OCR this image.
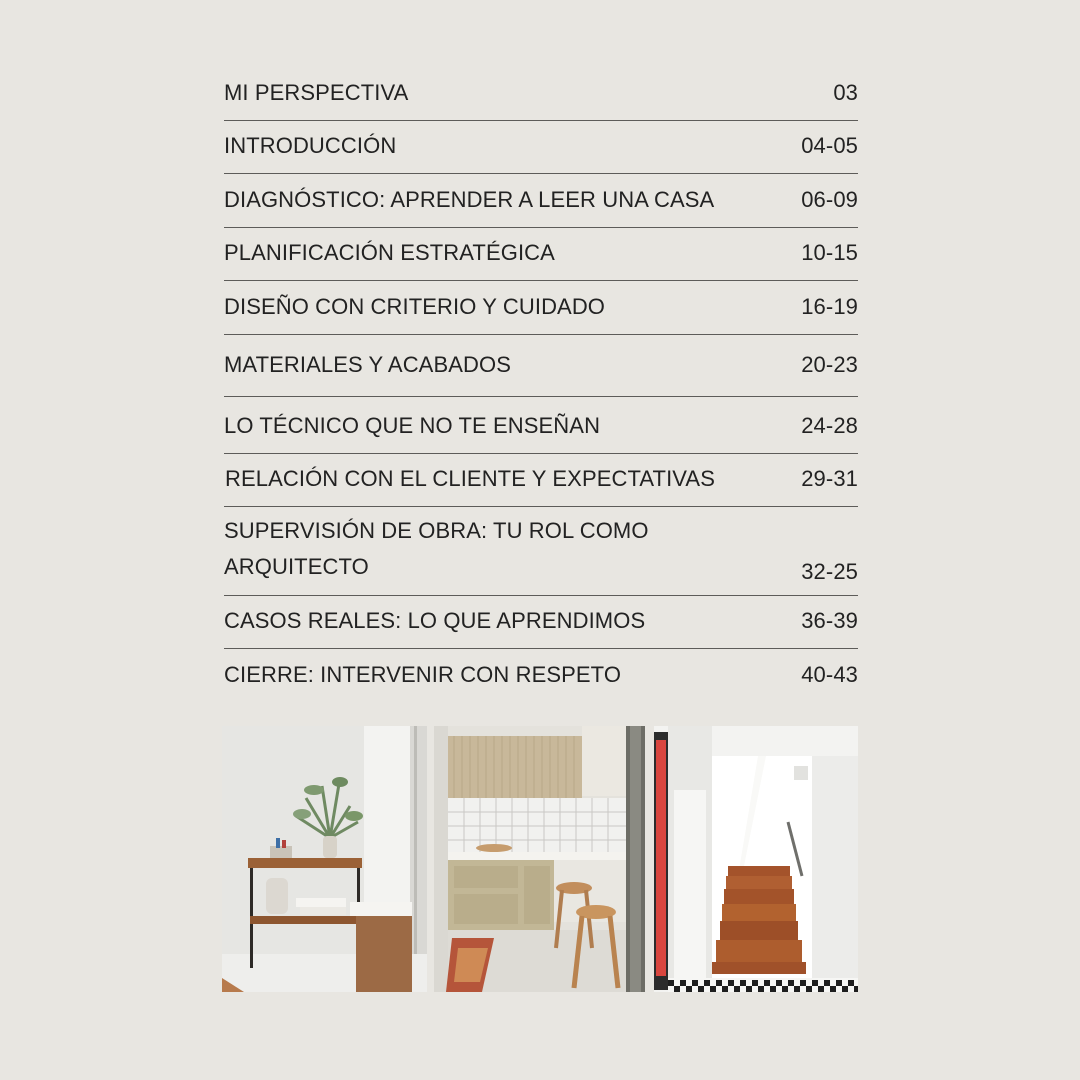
MI PERSPECTIVA	03
INTRODUCCIÓN	04-05
DIAGNÓSTICO: APRENDER A LEER UNA CASA	06-09
PLANIFICACIÓN ESTRATÉGICA	10-15
DISEÑO CON CRITERIO Y CUIDADO	16-19
MATERIALES Y ACABADOS	20-23
LO TÉCNICO QUE NO TE ENSEÑAN	24-28
RELACIÓN CON EL CLIENTE Y EXPECTATIVAS	29-31
SUPERVISIÓN DE OBRA: TU ROL COMO ARQUITECTO	32-25
CASOS REALES: LO QUE APRENDIMOS	36-39
CIERRE: INTERVENIR CON RESPETO	40-43
